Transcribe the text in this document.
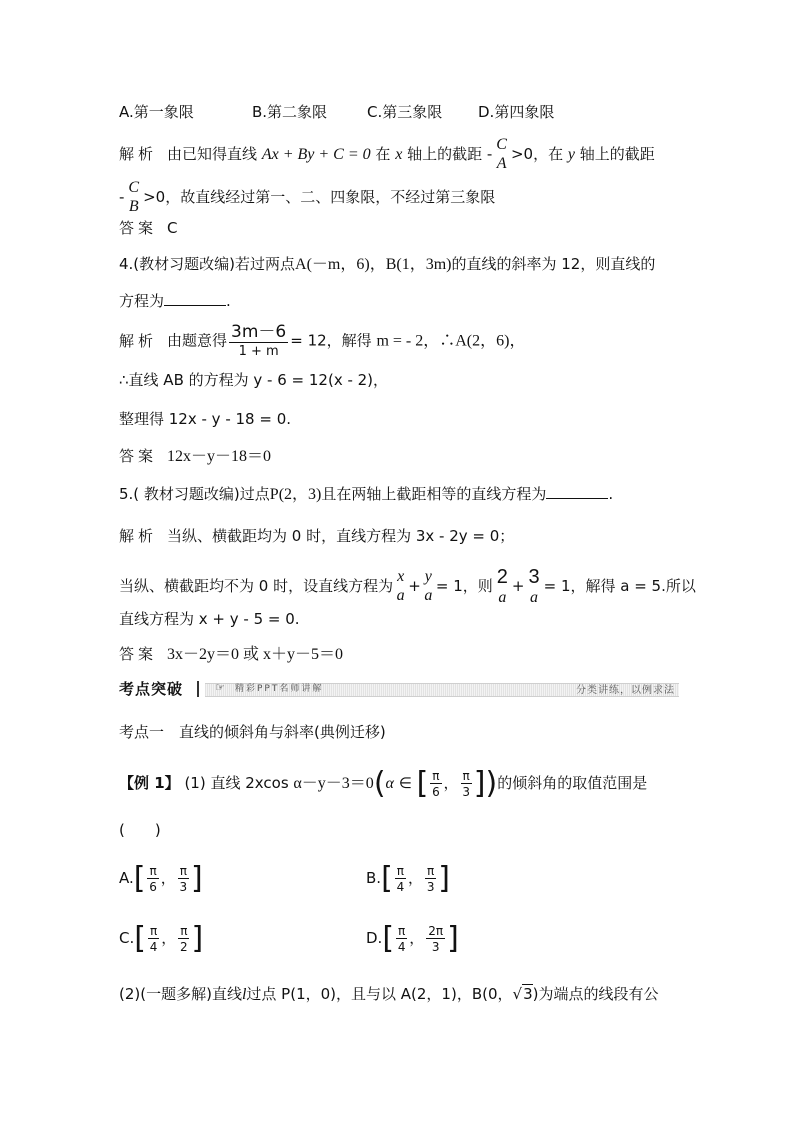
A.第一象限	B.第二象限	C.第三象限 D.第四象限
解析 由已知得直线 Ax + By + C = 0 在 x 轴上的截距 -
C
A
>0，在 y 轴上的截距
-
C
B
>0，故直线经过第一、二、四象限，不经过第三象限
答案 C
4.(教材习题改编)若过两点A(－m，6)，B(1，3m)的直线的斜率为 12，则直线的
方程为	.
解析 由题意得 $\frac{3m-6}{1 + m} = 12$，解得 m = - 2，∴A(2，6)，
∴直线 AB 的方程为 y - 6 = 12(x - 2)，
整理得 12x - y - 18 = 0.
答案 12x－y－18＝0
5.( 教材习题改编)过点P(2，3)且在两轴上截距相等的直线方程为	.
解析 当纵、横截距均为 0 时，直线方程为 3x - 2y = 0；
当纵、横截距均不为 0 时，设直线方程为
x
a
+
y
a
= 1，则 2
a
+ 3
a
= 1，解得 a = 5.所以
直线方程为 x + y - 5 = 0.
答案 3x－2y＝0 或 x＋y－5＝0
考点突破	☞ 精彩PPT名师讲解	分类讲练，以例求法
考点一　直线的倾斜角与斜率(典例迁移)
【例 1】 (1) 直线 2xcos α－y－3＝0(α ∈ [ $\frac{\pi}{6}$ ， $\frac{\pi}{3}$ ])的倾斜角的取值范围是
(　　)
$A.[ \frac{\pi}{6}$ ， $\frac{\pi}{3}$ ]	$B.[ \frac{\pi}{4}$ ， $\frac{\pi}{3}$ ]
$C.[ \frac{\pi}{4}$ ， $\frac{\pi}{2}$ ]	$D.[ \frac{\pi}{4}$ ， $\frac{2\pi}{3}$ ]
(2)(一题多解)直线l过点 P(1，0)，且与以 A(2，1)，B(0，√3)为端点的线段有公
